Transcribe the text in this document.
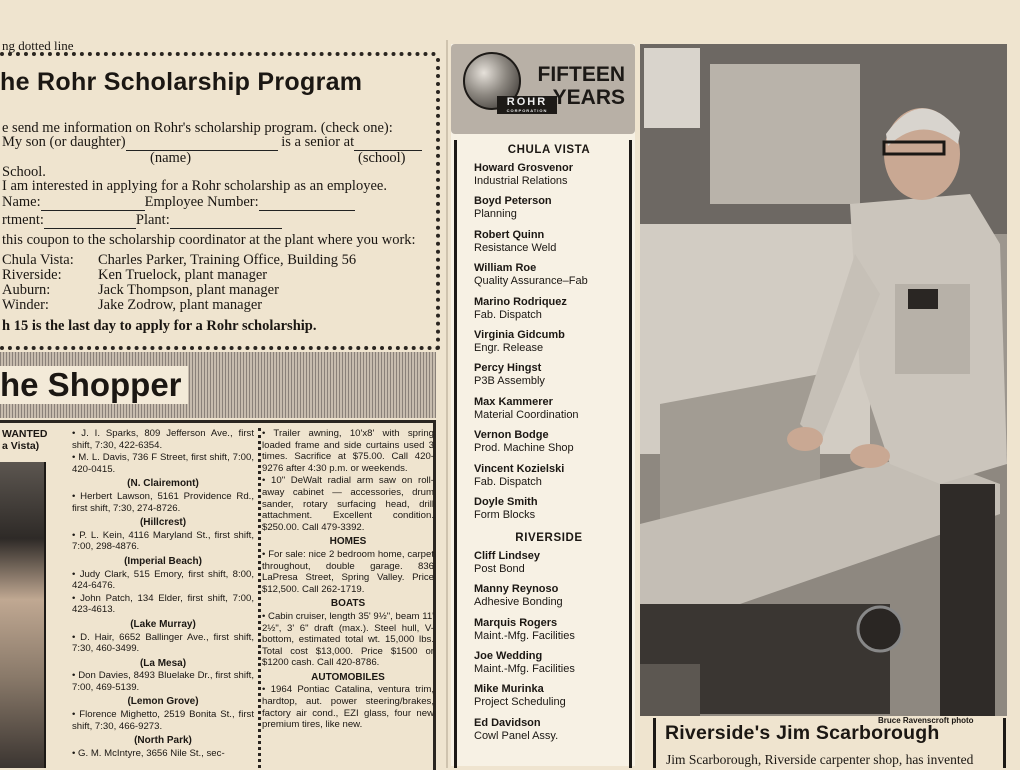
ng dotted line
he Rohr Scholarship Program
e send me information on Rohr's scholarship program. (check one):
My son (or daughter)	is a senior at
(name)	(school)
School.
I am interested in applying for a Rohr scholarship as an employee.
Name:	Employee Number:
rtment:	Plant:
this coupon to the scholarship coordinator at the plant where you work:
Chula Vista: Charles Parker, Training Office, Building 56
Riverside:	Ken Truelock, plant manager
Auburn:	Jack Thompson, plant manager
Winder:	Jake Zodrow, plant manager
h 15 is the last day to apply for a Rohr scholarship.
he Shopper
WANTED
a Vista)
• J. I. Sparks, 809 Jefferson Ave., first shift, 7:30, 422-6354.
• M. L. Davis, 736 F Street, first shift, 7:00, 420-0415.
(N. Clairemont)
• Herbert Lawson, 5161 Providence Rd., first shift, 7:30, 274-8726.
(Hillcrest)
• P. L. Kein, 4116 Maryland St., first shift, 7:00, 298-4876.
(Imperial Beach)
• Judy Clark, 515 Emory, first shift, 8:00, 424-6476.
• John Patch, 134 Elder, first shift, 7:00, 423-4613.
(Lake Murray)
• D. Hair, 6652 Ballinger Ave., first shift, 7:30, 460-3499.
(La Mesa)
• Don Davies, 8493 Bluelake Dr., first shift, 7:00, 469-5139.
(Lemon Grove)
• Florence Mighetto, 2519 Bonita St., first shift, 7:30, 466-9273.
(North Park)
• G. M. McIntyre, 3656 Nile St., sec-
• Trailer awning, 10'x8' with spring loaded frame and side curtains used 3 times. Sacrifice at $75.00. Call 420-9276 after 4:30 p.m. or weekends.
• 10" DeWalt radial arm saw on roll-away cabinet — accessories, drum sander, rotary surfacing head, drill attachment. Excellent condition. $250.00. Call 479-3392.
HOMES
• For sale: nice 2 bedroom home, carpet throughout, double garage. 836 LaPresa Street, Spring Valley. Price $12,500. Call 262-1719.
BOATS
• Cabin cruiser, length 35' 9½", beam 11' 2½", 3' 6" draft (max.). Steel hull, V-bottom, estimated total wt. 15,000 lbs. Total cost $13,000. Price $1500 or $1200 cash. Call 420-8786.
AUTOMOBILES
• 1964 Pontiac Catalina, ventura trim, hardtop, aut. power steering/brakes, factory air cond., EZI glass, four new premium tires, like new.
ROHR
CORPORATION
FIFTEEN
YEARS
CHULA VISTA
Howard Grosvenor
Industrial Relations
Boyd Peterson
Planning
Robert Quinn
Resistance Weld
William Roe
Quality Assurance–Fab
Marino Rodriquez
Fab. Dispatch
Virginia Gidcumb
Engr. Release
Percy Hingst
P3B Assembly
Max Kammerer
Material Coordination
Vernon Bodge
Prod. Machine Shop
Vincent Kozielski
Fab. Dispatch
Doyle Smith
Form Blocks
RIVERSIDE
Cliff Lindsey
Post Bond
Manny Reynoso
Adhesive Bonding
Marquis Rogers
Maint.-Mfg. Facilities
Joe Wedding
Maint.-Mfg. Facilities
Mike Murinka
Project Scheduling
Ed Davidson
Cowl Panel Assy.
Bruce Ravenscroft photo
Riverside's Jim Scarborough
Jim Scarborough, Riverside carpenter shop, has invented
